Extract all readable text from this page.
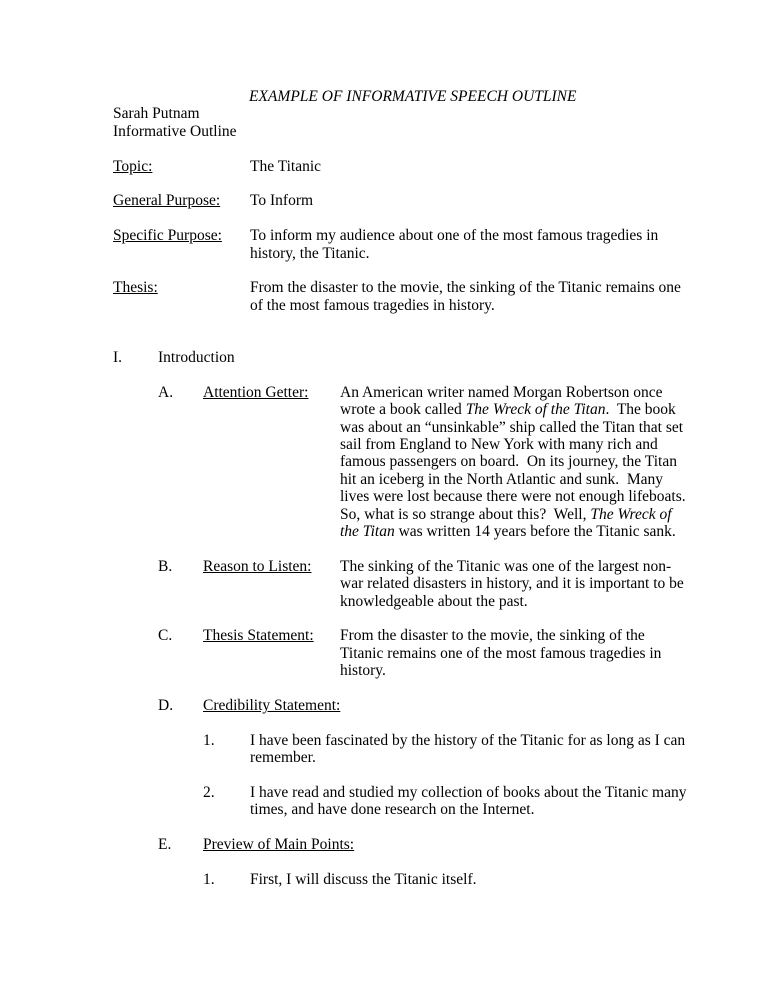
EXAMPLE OF INFORMATIVE SPEECH OUTLINE
Sarah Putnam
Informative Outline
Topic:	The Titanic
General Purpose:	To Inform
Specific Purpose:	To inform my audience about one of the most famous tragedies in history, the Titanic.
Thesis:	From the disaster to the movie, the sinking of the Titanic remains one of the most famous tragedies in history.
I.	Introduction
A.	Attention Getter:	An American writer named Morgan Robertson once wrote a book called The Wreck of the Titan.  The book was about an “unsinkable” ship called the Titan that set sail from England to New York with many rich and famous passengers on board.  On its journey, the Titan hit an iceberg in the North Atlantic and sunk.  Many lives were lost because there were not enough lifeboats.  So, what is so strange about this?  Well, The Wreck of the Titan was written 14 years before the Titanic sank.
B.	Reason to Listen:	The sinking of the Titanic was one of the largest non-war related disasters in history, and it is important to be knowledgeable about the past.
C.	Thesis Statement:	From the disaster to the movie, the sinking of the Titanic remains one of the most famous tragedies in history.
D.	Credibility Statement:
1.	I have been fascinated by the history of the Titanic for as long as I can remember.
2.	I have read and studied my collection of books about the Titanic many times, and have done research on the Internet.
E.	Preview of Main Points:
1.	First, I will discuss the Titanic itself.
